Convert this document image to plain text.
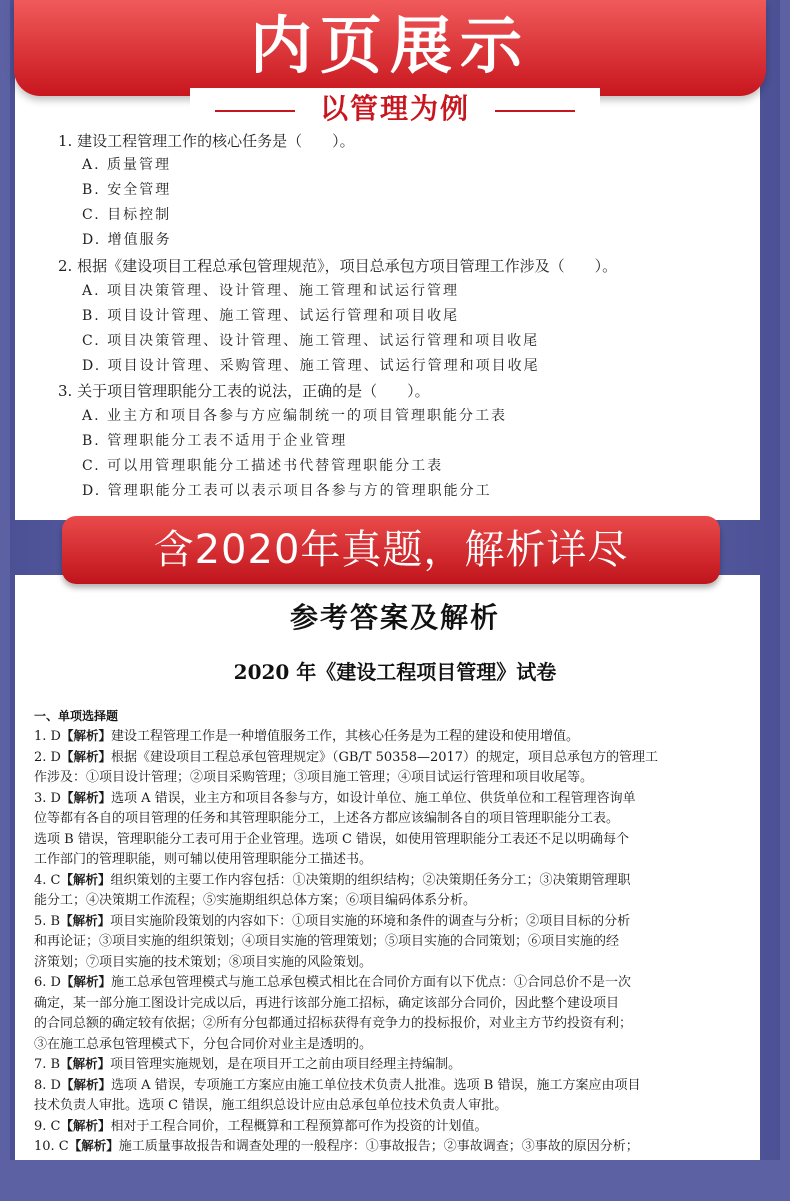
1. 建设工程管理工作的核心任务是（　　）。
A. 质量管理
B. 安全管理
C. 目标控制
D. 增值服务
2. 根据《建设项目工程总承包管理规范》，项目总承包方项目管理工作涉及（　　）。
A. 项目决策管理、设计管理、施工管理和试运行管理
B. 项目设计管理、施工管理、试运行管理和项目收尾
C. 项目决策管理、设计管理、施工管理、试运行管理和项目收尾
D. 项目设计管理、采购管理、施工管理、试运行管理和项目收尾
3. 关于项目管理职能分工表的说法，正确的是（　　）。
A. 业主方和项目各参与方应编制统一的项目管理职能分工表
B. 管理职能分工表不适用于企业管理
C. 可以用管理职能分工描述书代替管理职能分工表
D. 管理职能分工表可以表示项目各参与方的管理职能分工
内页展示
以管理为例
含2020年真题，解析详尽
参考答案及解析
2020 年《建设工程项目管理》试卷
一、单项选择题
1. D【解析】建设工程管理工作是一种增值服务工作，其核心任务是为工程的建设和使用增值。
2. D【解析】根据《建设项目工程总承包管理规定》（GB/T 50358—2017）的规定，项目总承包方的管理工
作涉及：①项目设计管理；②项目采购管理；③项目施工管理；④项目试运行管理和项目收尾等。
3. D【解析】选项 A 错误，业主方和项目各参与方，如设计单位、施工单位、供货单位和工程管理咨询单
位等都有各自的项目管理的任务和其管理职能分工，上述各方都应该编制各自的项目管理职能分工表。
选项 B 错误，管理职能分工表可用于企业管理。选项 C 错误，如使用管理职能分工表还不足以明确每个
工作部门的管理职能，则可辅以使用管理职能分工描述书。
4. C【解析】组织策划的主要工作内容包括：①决策期的组织结构；②决策期任务分工；③决策期管理职
能分工；④决策期工作流程；⑤实施期组织总体方案；⑥项目编码体系分析。
5. B【解析】项目实施阶段策划的内容如下：①项目实施的环境和条件的调查与分析；②项目目标的分析
和再论证；③项目实施的组织策划；④项目实施的管理策划；⑤项目实施的合同策划；⑥项目实施的经
济策划；⑦项目实施的技术策划；⑧项目实施的风险策划。
6. D【解析】施工总承包管理模式与施工总承包模式相比在合同价方面有以下优点：①合同总价不是一次
确定，某一部分施工图设计完成以后，再进行该部分施工招标，确定该部分合同价，因此整个建设项目
的合同总额的确定较有依据；②所有分包都通过招标获得有竞争力的投标报价，对业主方节约投资有利；
③在施工总承包管理模式下，分包合同价对业主是透明的。
7. B【解析】项目管理实施规划，是在项目开工之前由项目经理主持编制。
8. D【解析】选项 A 错误，专项施工方案应由施工单位技术负责人批准。选项 B 错误，施工方案应由项目
技术负责人审批。选项 C 错误，施工组织总设计应由总承包单位技术负责人审批。
9. C【解析】相对于工程合同价，工程概算和工程预算都可作为投资的计划值。
10. C【解析】施工质量事故报告和调查处理的一般程序：①事故报告；②事故调查；③事故的原因分析；
